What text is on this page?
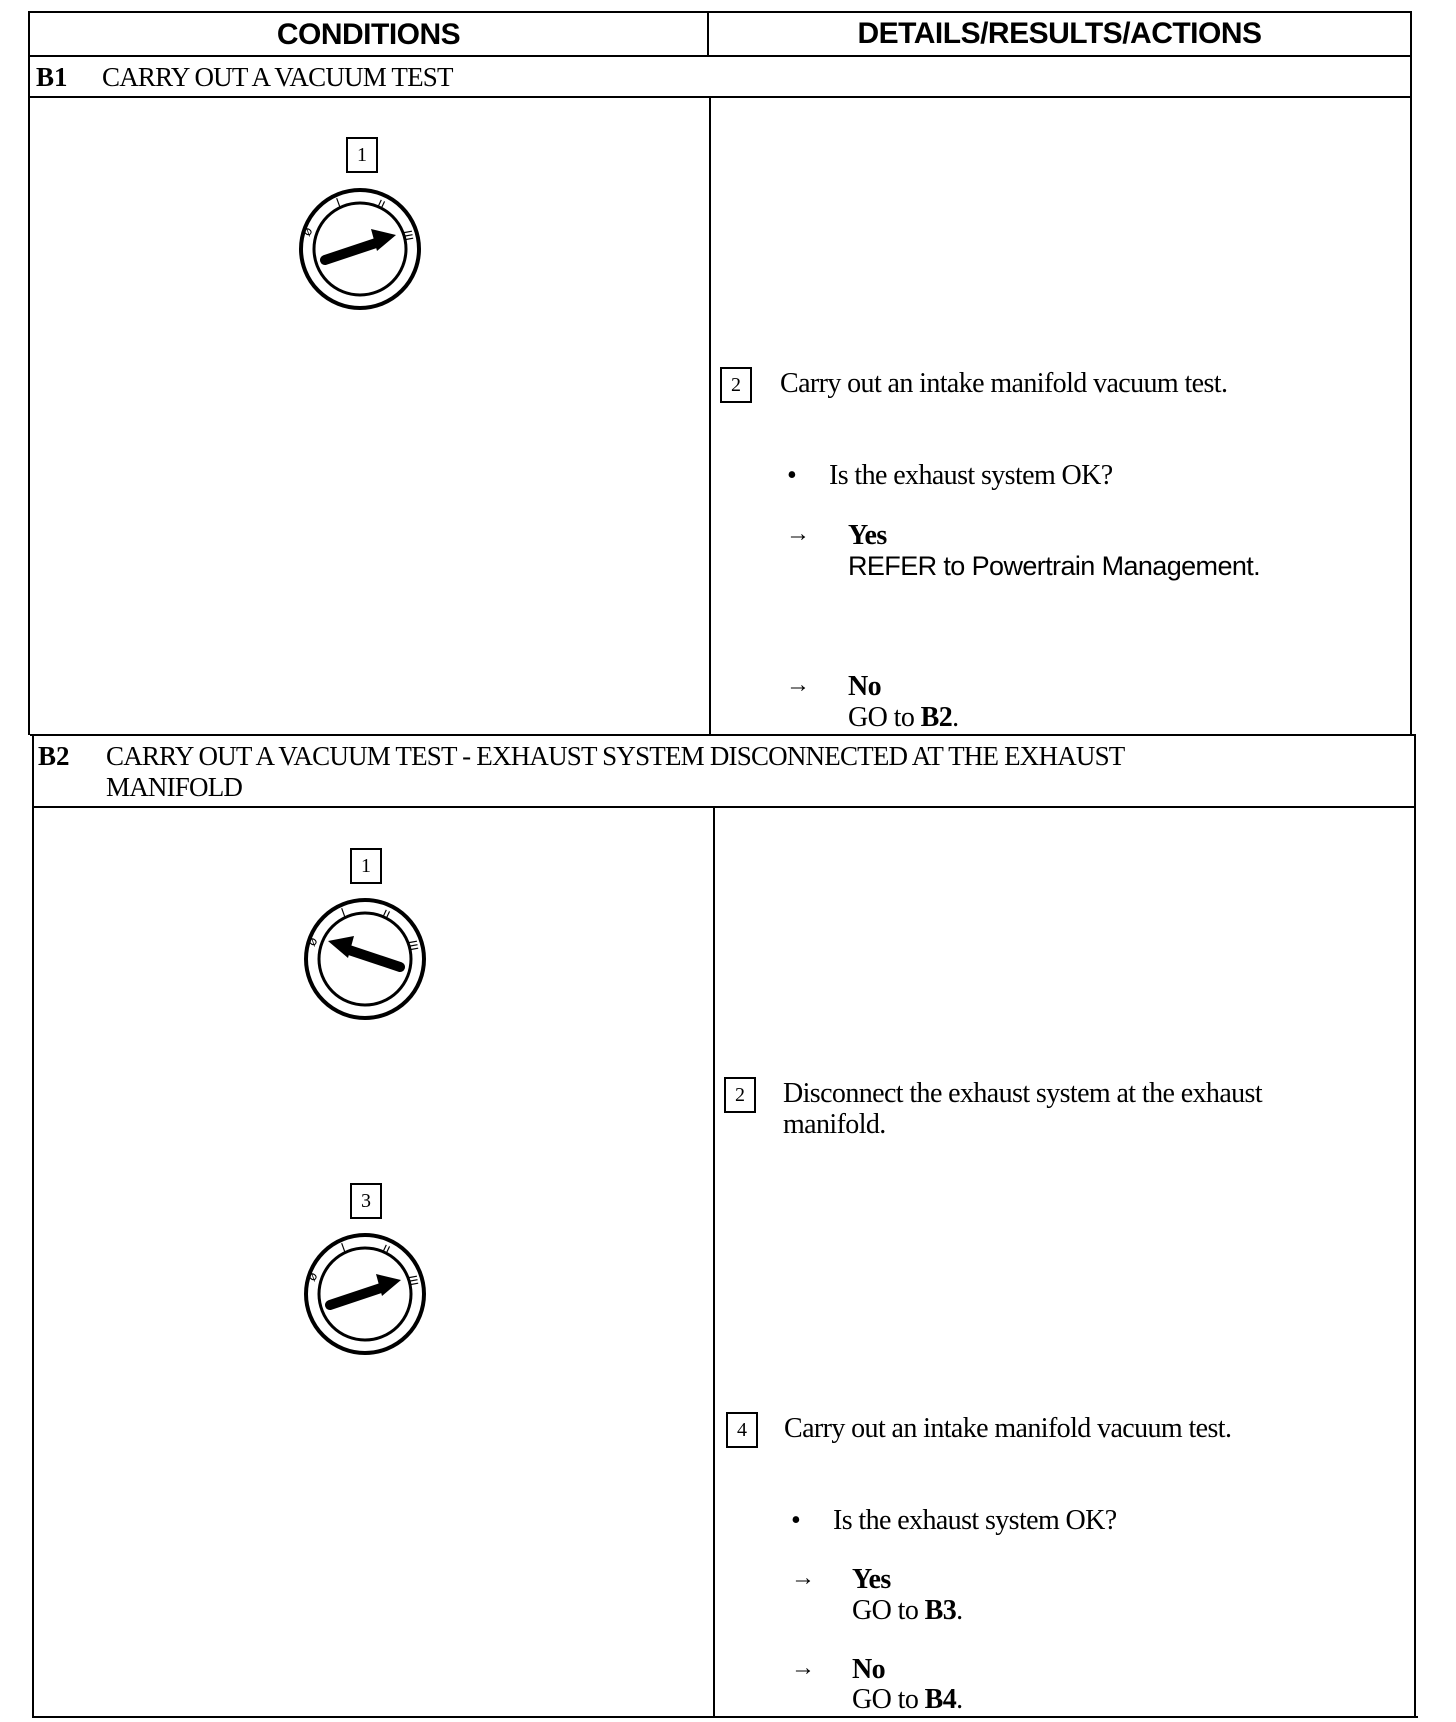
CONDITIONS	DETAILS/RESULTS/ACTIONS
B1 CARRY OUT A VACUUM TEST
1
ø
I	II
III
2	Carry out an intake manifold vacuum test.
• Is the exhaust system OK?
→ Yes
REFER to Powertrain Management.
→ No
GO to B2.
B2 CARRY OUT A VACUUM TEST - EXHAUST SYSTEM DISCONNECTED AT THE EXHAUST
MANIFOLD
1
ø
I	II
III
3
ø
I	II
III
2	Disconnect the exhaust system at the exhaust
manifold.
4	Carry out an intake manifold vacuum test.
• Is the exhaust system OK?
→ Yes
GO to B3.
→ No
GO to B4.
